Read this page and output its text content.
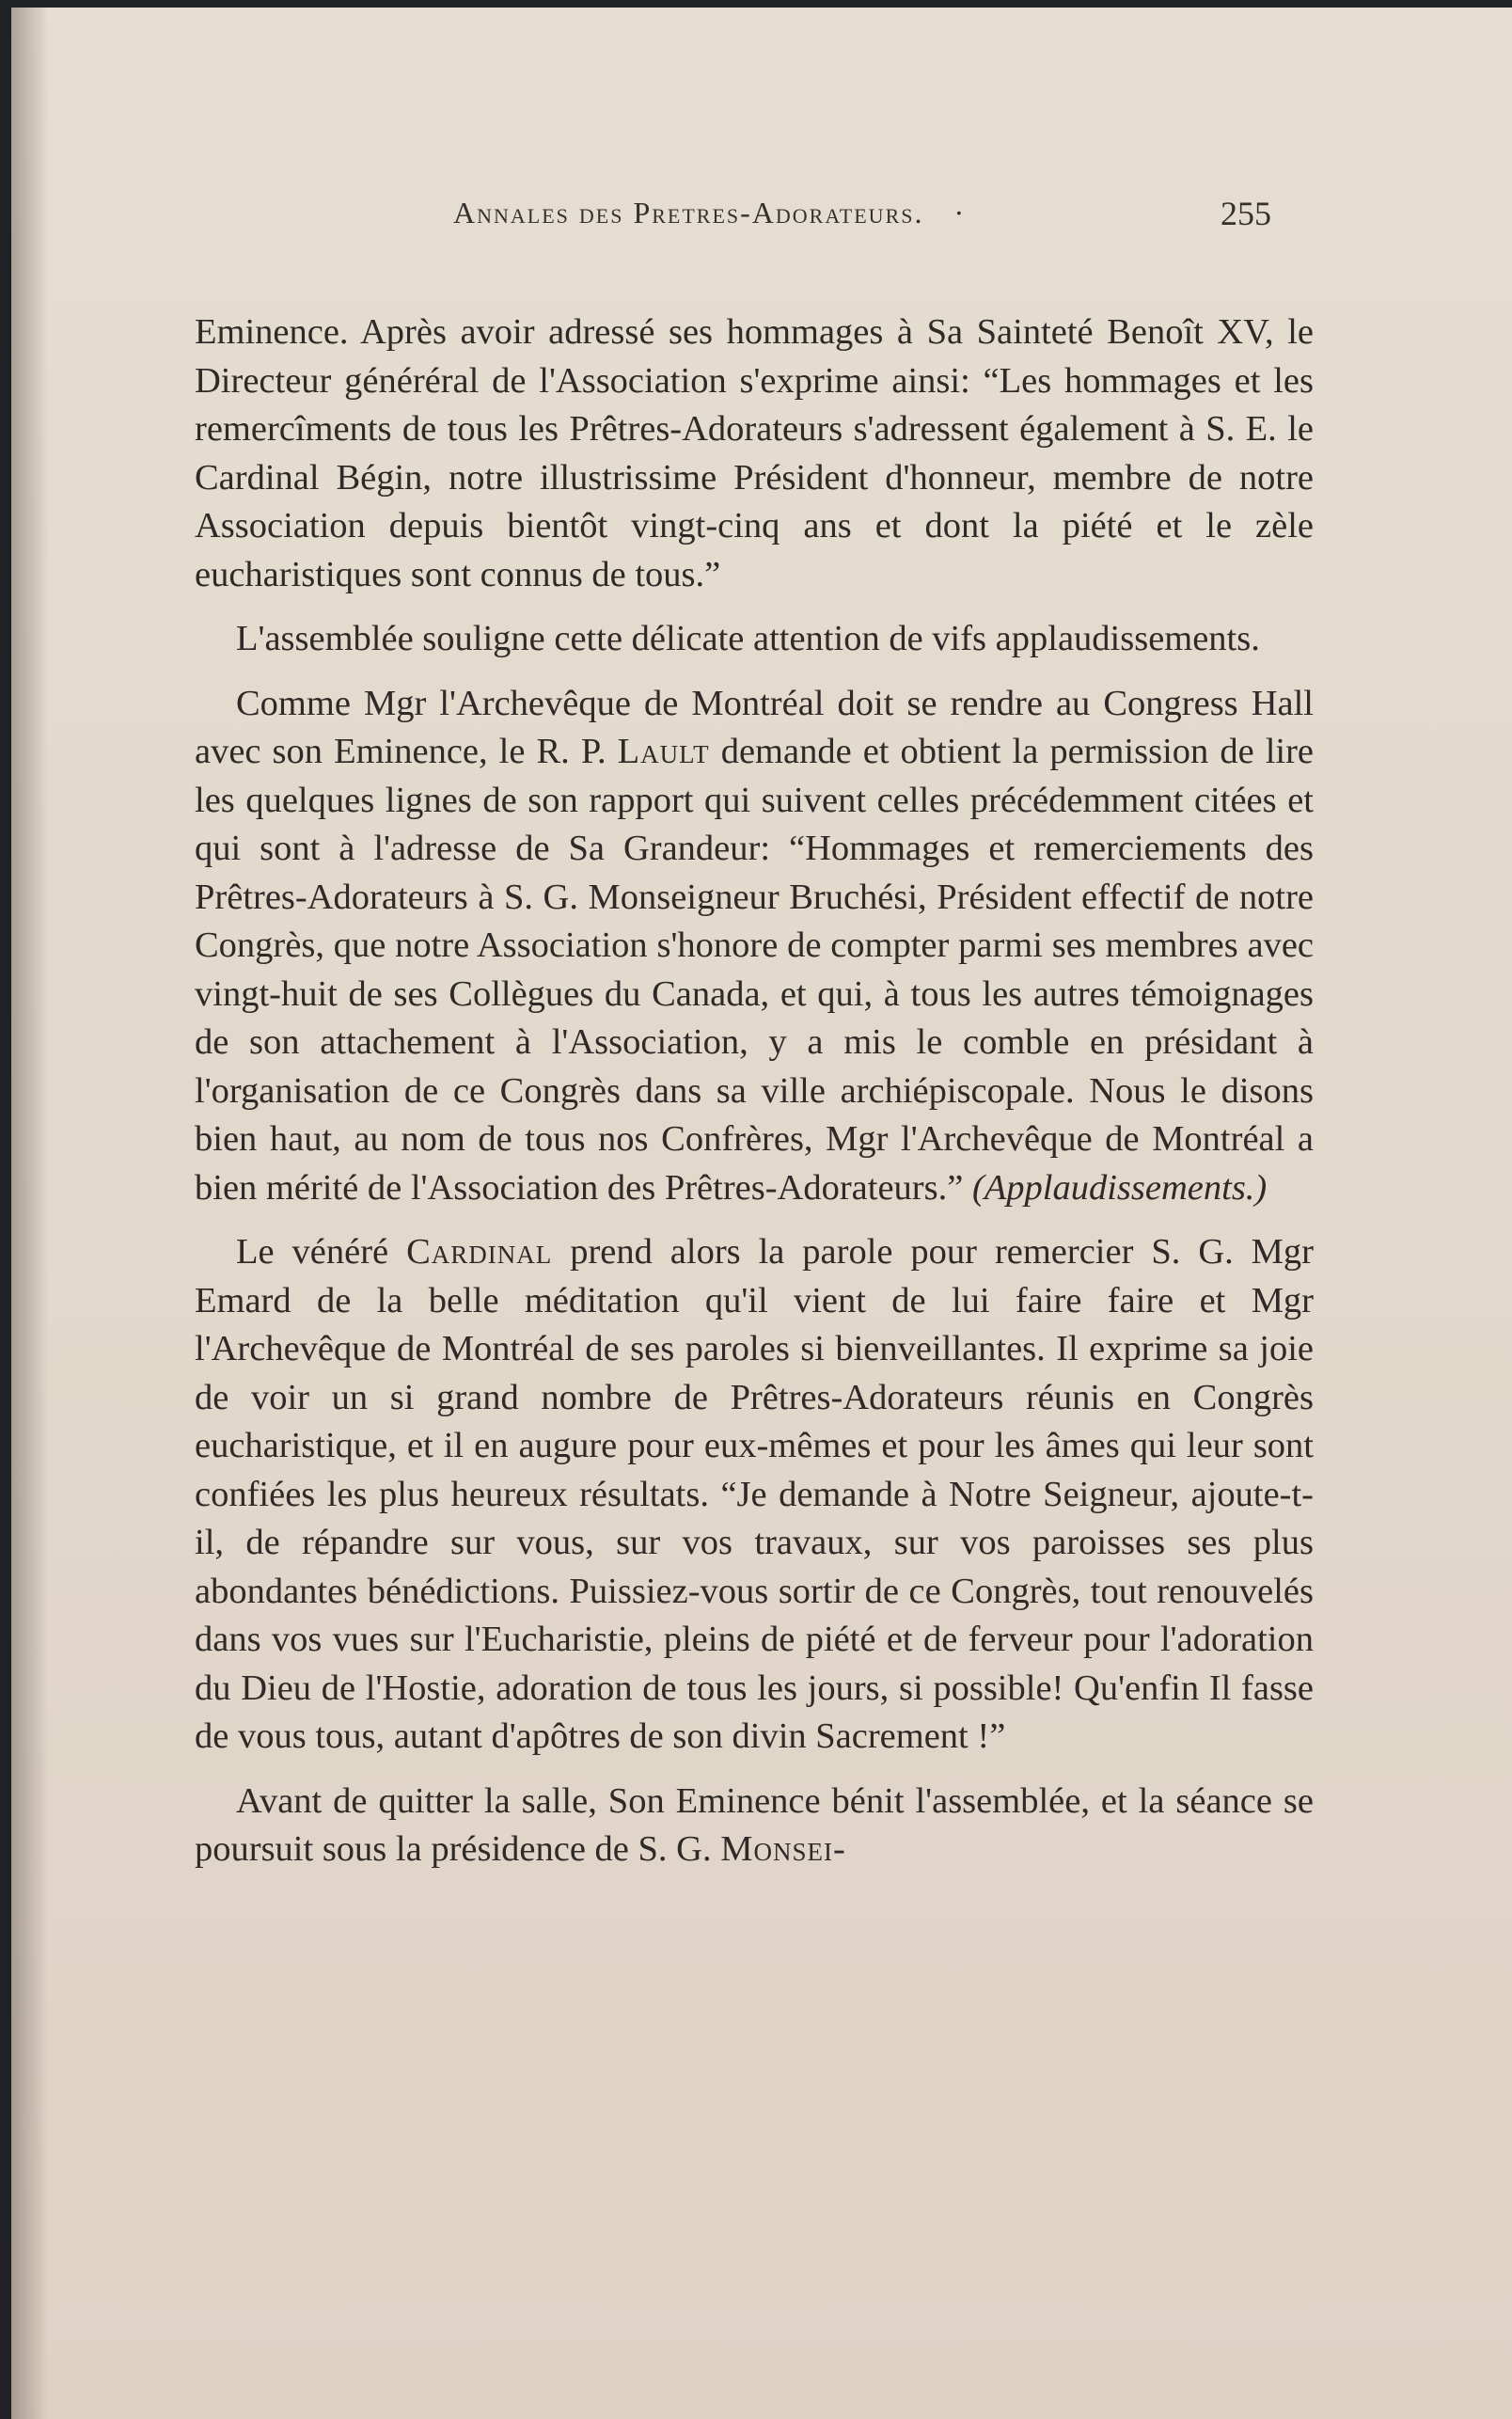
Annales des Pretres-Adorateurs. ·	255

Eminence. Après avoir adressé ses hommages à Sa Sainteté Benoît XV, le Directeur généréral de l'Association s'exprime ainsi: “Les hommages et les remercîments de tous les Prêtres-Adorateurs s'adressent également à S. E. le Cardinal Bégin, notre illustrissime Président d'honneur, membre de notre Association depuis bientôt vingt-cinq ans et dont la piété et le zèle eucharistiques sont connus de tous.”

L'assemblée souligne cette délicate attention de vifs applaudissements.

Comme Mgr l'Archevêque de Montréal doit se rendre au Congress Hall avec son Eminence, le R. P. Lault demande et obtient la permission de lire les quelques lignes de son rapport qui suivent celles précédemment citées et qui sont à l'adresse de Sa Grandeur: “Hommages et remerciements des Prêtres-Adorateurs à S. G. Monseigneur Bruchési, Président effectif de notre Congrès, que notre Association s'honore de compter parmi ses membres avec vingt-huit de ses Collègues du Canada, et qui, à tous les autres témoignages de son attachement à l'Association, y a mis le comble en présidant à l'organisation de ce Congrès dans sa ville archiépiscopale. Nous le disons bien haut, au nom de tous nos Confrères, Mgr l'Archevêque de Montréal a bien mérité de l'Association des Prêtres-Adorateurs.” (Applaudissements.)

Le vénéré Cardinal prend alors la parole pour remercier S. G. Mgr Emard de la belle méditation qu'il vient de lui faire faire et Mgr l'Archevêque de Montréal de ses paroles si bienveillantes. Il exprime sa joie de voir un si grand nombre de Prêtres-Adorateurs réunis en Congrès eucharistique, et il en augure pour eux-mêmes et pour les âmes qui leur sont confiées les plus heureux résultats. “Je demande à Notre Seigneur, ajoute-t-il, de répandre sur vous, sur vos travaux, sur vos paroisses ses plus abondantes bénédictions. Puissiez-vous sortir de ce Congrès, tout renouvelés dans vos vues sur l'Eucharistie, pleins de piété et de ferveur pour l'adoration du Dieu de l'Hostie, adoration de tous les jours, si possible! Qu'enfin Il fasse de vous tous, autant d'apôtres de son divin Sacrement !”

Avant de quitter la salle, Son Eminence bénit l'assemblée, et la séance se poursuit sous la présidence de S. G. Monsei-
